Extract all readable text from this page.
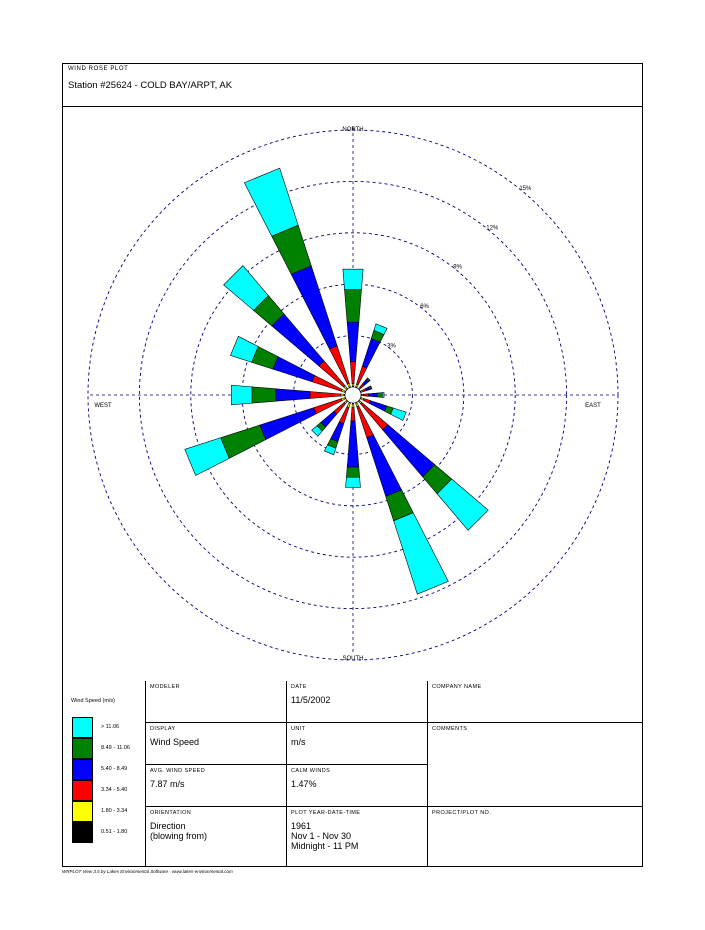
WIND ROSE PLOT
Station #25624 - COLD BAY/ARPT, AK
3%
6%
9%
12%
15%
NORTH
SOUTH
EAST
WEST
Wind Speed (m/s)
> 11.06
8.49 - 11.06
5.40 - 8.49
3.34 - 5.40
1.80 - 3.34
0.51 - 1.80
MODELER	DATE
11/5/2002
COMPANY NAME
DISPLAY
Wind Speed
UNIT
m/s
COMMENTS
AVG. WIND SPEED
7.87 m/s
CALM WINDS
1.47%
ORIENTATION
Direction
(blowing from)
PLOT YEAR-DATE-TIME
1961
Nov 1 - Nov 30
Midnight - 11 PM
PROJECT/PLOT NO.
WRPLOT View 3.5 by Lakes Environmental Software - www.lakes-environmental.com
